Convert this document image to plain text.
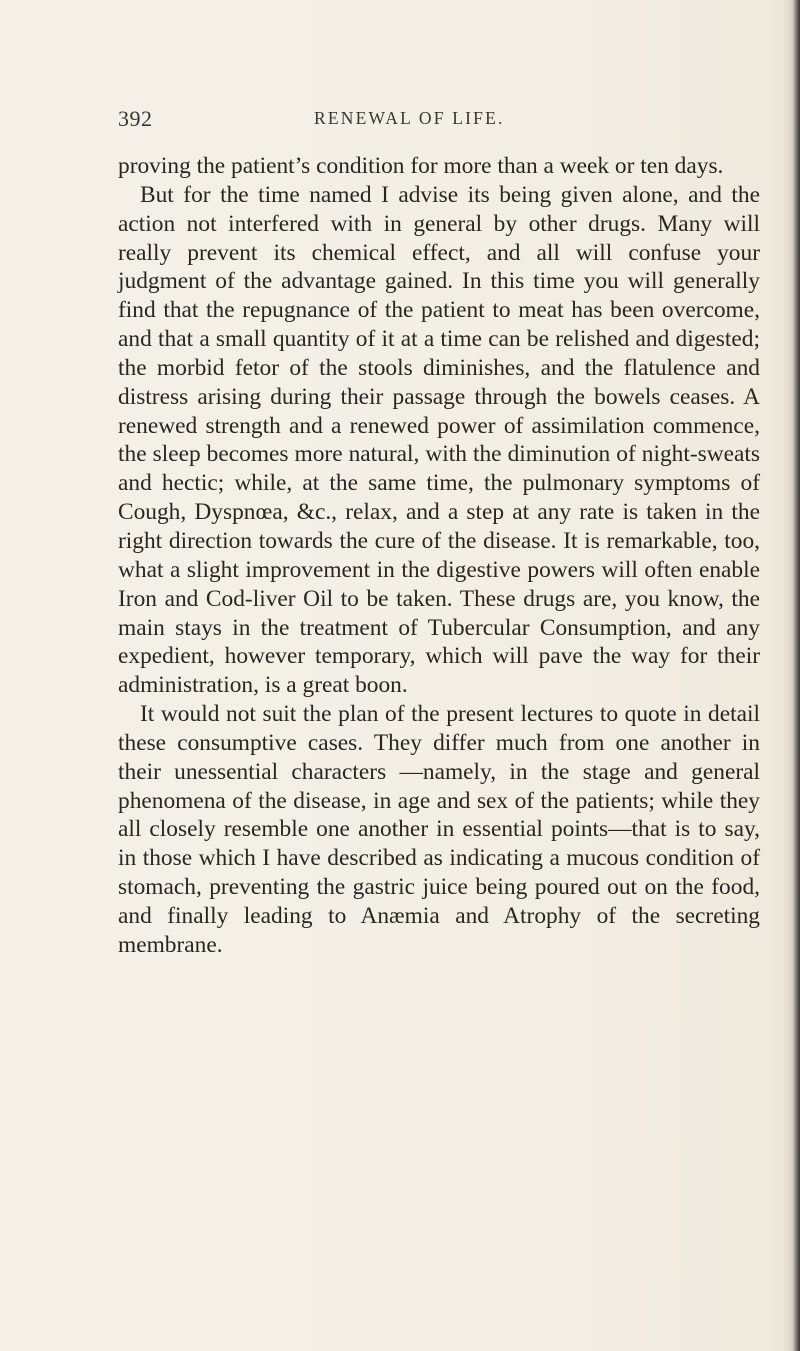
392	RENEWAL OF LIFE.

proving the patient’s condition for more than a week or ten days.

But for the time named I advise its being given alone, and the action not interfered with in general by other drugs. Many will really prevent its chemical effect, and all will confuse your judgment of the advantage gained. In this time you will generally find that the repugnance of the patient to meat has been overcome, and that a small quantity of it at a time can be relished and digested; the morbid fetor of the stools diminishes, and the flatulence and distress arising during their passage through the bowels ceases. A renewed strength and a renewed power of assimilation commence, the sleep becomes more natural, with the diminution of night-sweats and hectic; while, at the same time, the pulmonary symptoms of Cough, Dyspnœa, &c., relax, and a step at any rate is taken in the right direction towards the cure of the disease. It is remarkable, too, what a slight improvement in the digestive powers will often enable Iron and Cod-liver Oil to be taken. These drugs are, you know, the main stays in the treatment of Tubercular Consumption, and any expedient, however temporary, which will pave the way for their administration, is a great boon.

It would not suit the plan of the present lectures to quote in detail these consumptive cases. They differ much from one another in their unessential characters —namely, in the stage and general phenomena of the disease, in age and sex of the patients; while they all closely resemble one another in essential points—that is to say, in those which I have described as indicating a mucous condition of stomach, preventing the gastric juice being poured out on the food, and finally leading to Anæmia and Atrophy of the secreting membrane.
